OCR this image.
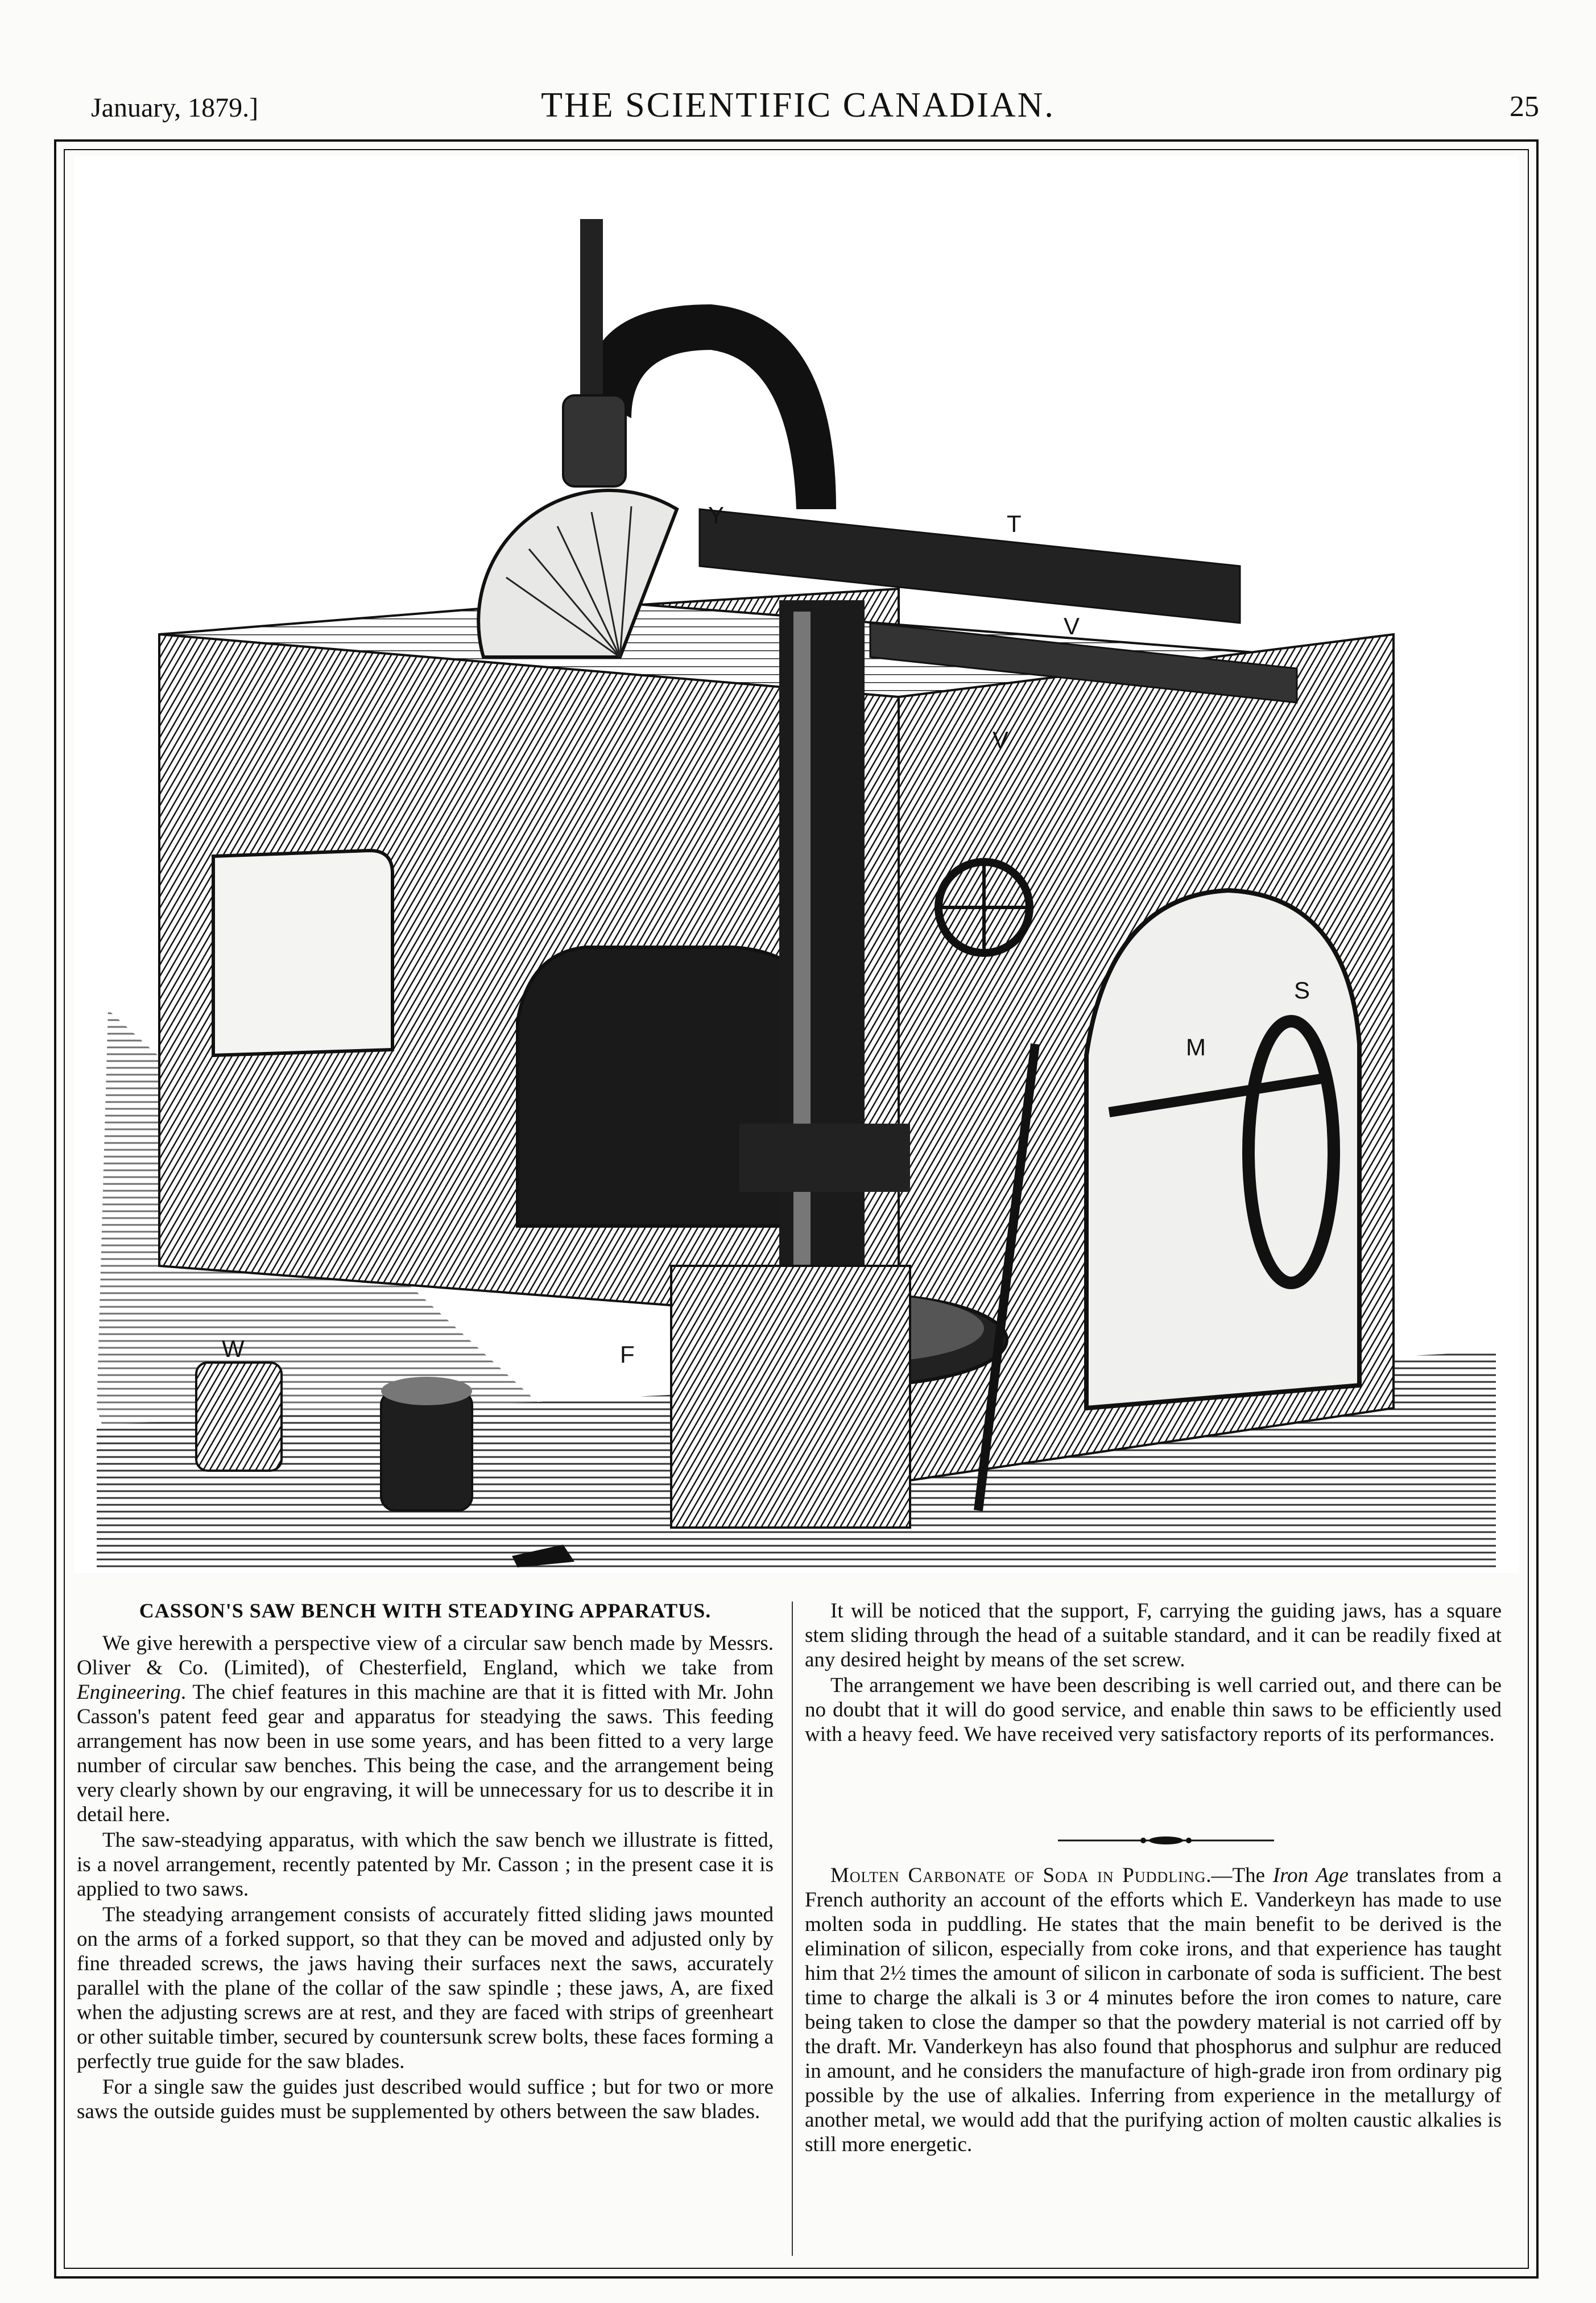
January, 1879.]	THE SCIENTIFIC CANADIAN.	25
Y	T
V
V
S
M
W	F
CASSON'S SAW BENCH WITH STEADYING APPARATUS.

We give herewith a perspective view of a circular saw bench made by Messrs. Oliver & Co. (Limited), of Chesterfield, England, which we take from Engineering. The chief features in this machine are that it is fitted with Mr. John Casson's patent feed gear and apparatus for steadying the saws. This feeding arrangement has now been in use some years, and has been fitted to a very large number of circular saw benches. This being the case, and the arrangement being very clearly shown by our engraving, it will be unnecessary for us to describe it in detail here.

The saw-steadying apparatus, with which the saw bench we illustrate is fitted, is a novel arrangement, recently patented by Mr. Casson ; in the present case it is applied to two saws.

The steadying arrangement consists of accurately fitted sliding jaws mounted on the arms of a forked support, so that they can be moved and adjusted only by fine threaded screws, the jaws having their surfaces next the saws, accurately parallel with the plane of the collar of the saw spindle ; these jaws, A, are fixed when the adjusting screws are at rest, and they are faced with strips of greenheart or other suitable timber, secured by countersunk screw bolts, these faces forming a perfectly true guide for the saw blades.

For a single saw the guides just described would suffice ; but for two or more saws the outside guides must be supplemented by others between the saw blades.

It will be noticed that the support, F, carrying the guiding jaws, has a square stem sliding through the head of a suitable standard, and it can be readily fixed at any desired height by means of the set screw.

The arrangement we have been describing is well carried out, and there can be no doubt that it will do good service, and enable thin saws to be efficiently used with a heavy feed. We have received very satisfactory reports of its performances.

Molten Carbonate of Soda in Puddling.—The Iron Age translates from a French authority an account of the efforts which E. Vanderkeyn has made to use molten soda in puddling. He states that the main benefit to be derived is the elimination of silicon, especially from coke irons, and that experience has taught him that 2½ times the amount of silicon in carbonate of soda is sufficient. The best time to charge the alkali is 3 or 4 minutes before the iron comes to nature, care being taken to close the damper so that the powdery material is not carried off by the draft. Mr. Vanderkeyn has also found that phosphorus and sulphur are reduced in amount, and he considers the manufacture of high-grade iron from ordinary pig possible by the use of alkalies. Inferring from experience in the metallurgy of another metal, we would add that the purifying action of molten caustic alkalies is still more energetic.
